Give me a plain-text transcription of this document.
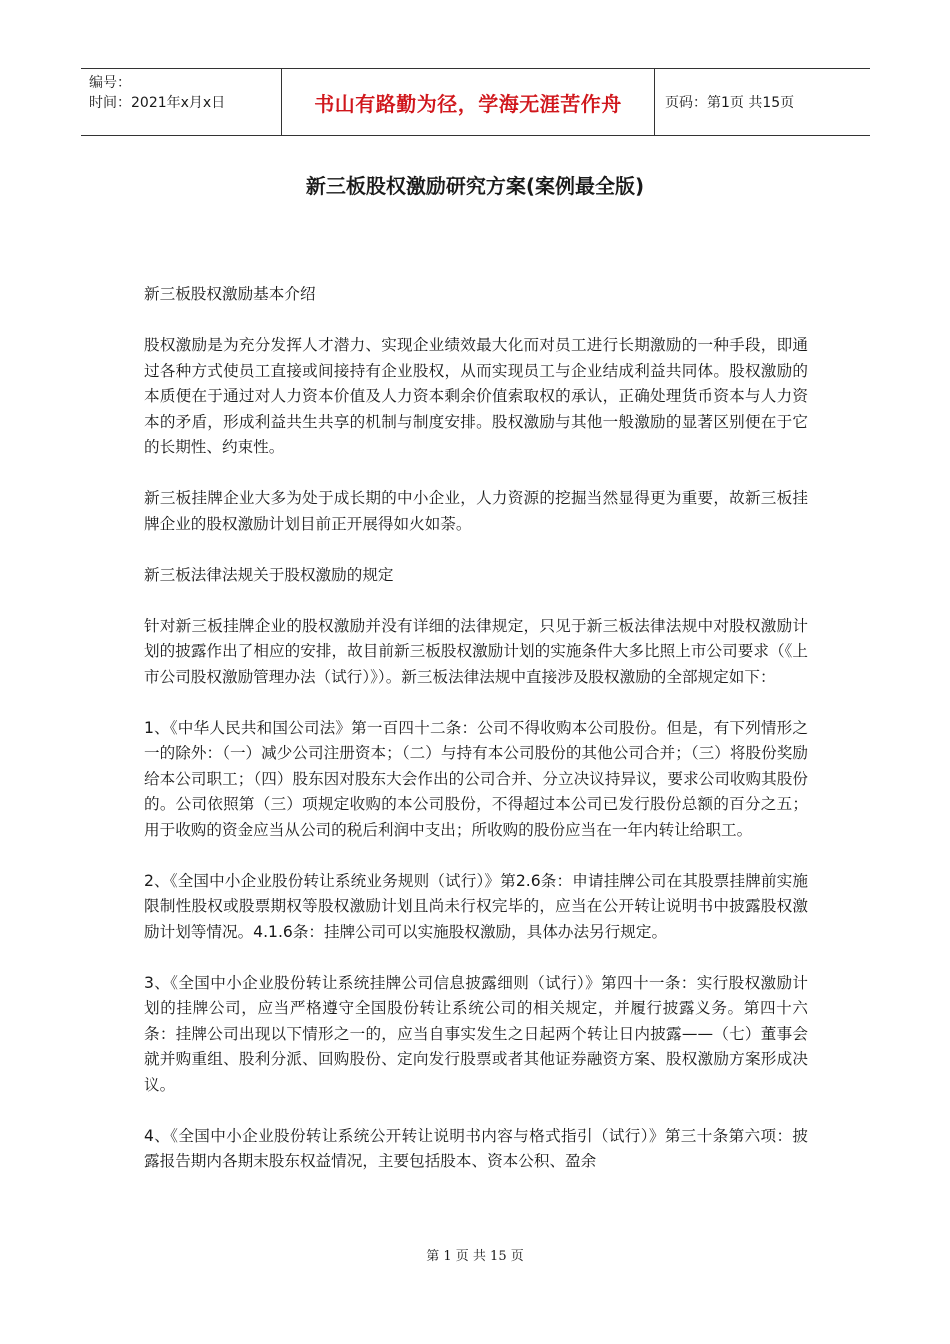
编号：
时间：2021年x月x日	书山有路勤为径，学海无涯苦作舟	页码：第1页 共15页
新三板股权激励研究方案(案例最全版)

新三板股权激励基本介绍

股权激励是为充分发挥人才潜力、实现企业绩效最大化而对员工进行长期激励的一种手段，即通过各种方式使员工直接或间接持有企业股权，从而实现员工与企业结成利益共同体。股权激励的本质便在于通过对人力资本价值及人力资本剩余价值索取权的承认，正确处理货币资本与人力资本的矛盾，形成利益共生共享的机制与制度安排。股权激励与其他一般激励的显著区别便在于它的长期性、约束性。

新三板挂牌企业大多为处于成长期的中小企业，人力资源的挖掘当然显得更为重要，故新三板挂牌企业的股权激励计划目前正开展得如火如荼。

新三板法律法规关于股权激励的规定

针对新三板挂牌企业的股权激励并没有详细的法律规定，只见于新三板法律法规中对股权激励计划的披露作出了相应的安排，故目前新三板股权激励计划的实施条件大多比照上市公司要求（《上市公司股权激励管理办法（试行）》）。新三板法律法规中直接涉及股权激励的全部规定如下：

1、《中华人民共和国公司法》第一百四十二条：公司不得收购本公司股份。但是，有下列情形之一的除外：（一）减少公司注册资本；（二）与持有本公司股份的其他公司合并；（三）将股份奖励给本公司职工；（四）股东因对股东大会作出的公司合并、分立决议持异议，要求公司收购其股份的。公司依照第（三）项规定收购的本公司股份，不得超过本公司已发行股份总额的百分之五；用于收购的资金应当从公司的税后利润中支出；所收购的股份应当在一年内转让给职工。

2、《全国中小企业股份转让系统业务规则（试行）》第2.6条：申请挂牌公司在其股票挂牌前实施限制性股权或股票期权等股权激励计划且尚未行权完毕的，应当在公开转让说明书中披露股权激励计划等情况。4.1.6条：挂牌公司可以实施股权激励，具体办法另行规定。

3、《全国中小企业股份转让系统挂牌公司信息披露细则（试行）》第四十一条：实行股权激励计划的挂牌公司，应当严格遵守全国股份转让系统公司的相关规定，并履行披露义务。第四十六条：挂牌公司出现以下情形之一的，应当自事实发生之日起两个转让日内披露——（七）董事会就并购重组、股利分派、回购股份、定向发行股票或者其他证券融资方案、股权激励方案形成决议。

4、《全国中小企业股份转让系统公开转让说明书内容与格式指引（试行）》第三十条第六项：披露报告期内各期末股东权益情况，主要包括股本、资本公积、盈余

第 1 页 共 15 页
